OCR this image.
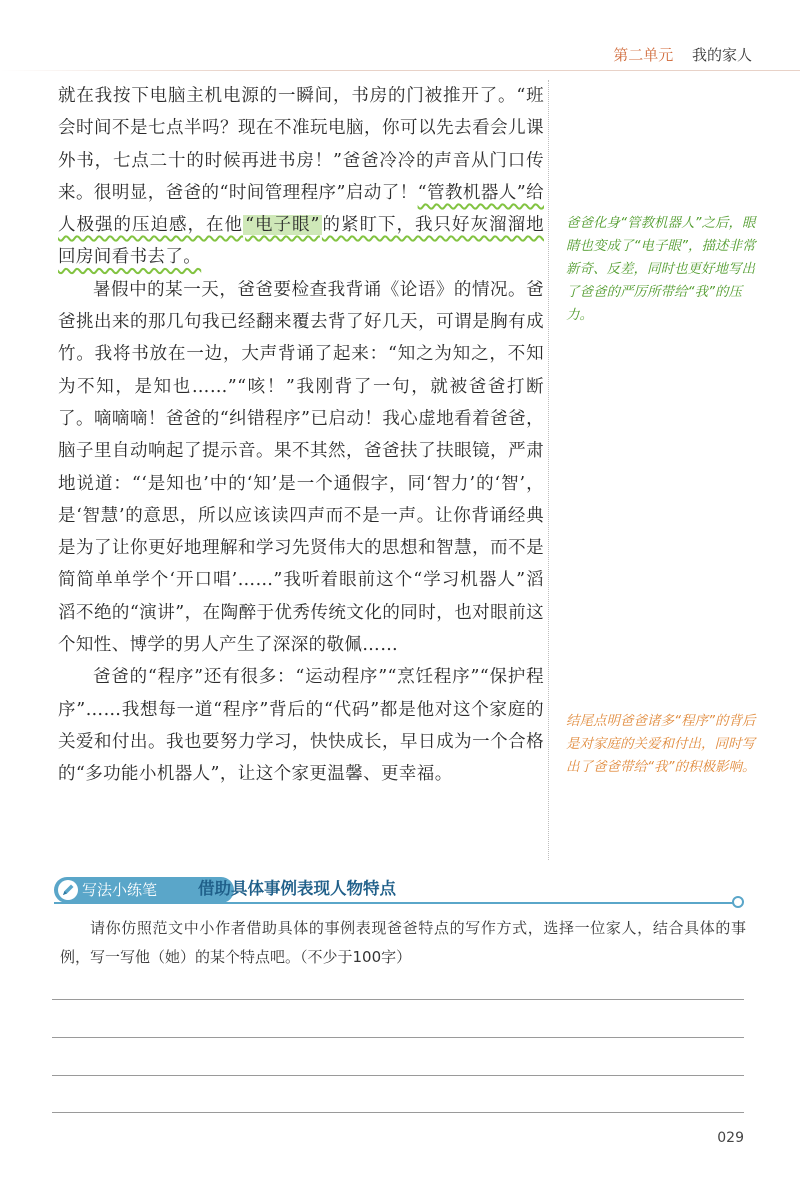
第二单元 我的家人

就在我按下电脑主机电源的一瞬间，书房的门被推开了。“班会时间不是七点半吗？现在不准玩电脑，你可以先去看会儿课外书，七点二十的时候再进书房！”爸爸冷冷的声音从门口传来。很明显，爸爸的“时间管理程序”启动了！“管教机器人”给人极强的压迫感，在他 “电子眼” 的紧盯下，我只好灰溜溜地回房间看书去了。

暑假中的某一天，爸爸要检查我背诵《论语》的情况。爸爸挑出来的那几句我已经翻来覆去背了好几天，可谓是胸有成竹。我将书放在一边，大声背诵了起来：“知之为知之，不知为不知，是知也……”“咳！”我刚背了一句，就被爸爸打断了。嘀嘀嘀！爸爸的“纠错程序”已启动！我心虚地看着爸爸，脑子里自动响起了提示音。果不其然，爸爸扶了扶眼镜，严肃地说道：“‘是知也’中的‘知’是一个通假字，同‘智力’的‘智’，是‘智慧’的意思，所以应该读四声而不是一声。让你背诵经典是为了让你更好地理解和学习先贤伟大的思想和智慧，而不是简简单单学个‘开口唱’……”我听着眼前这个“学习机器人”滔滔不绝的“演讲”，在陶醉于优秀传统文化的同时，也对眼前这个知性、博学的男人产生了深深的敬佩……

爸爸的“程序”还有很多：“运动程序”“烹饪程序”“保护程序”……我想每一道“程序”背后的“代码”都是他对这个家庭的关爱和付出。我也要努力学习，快快成长，早日成为一个合格的“多功能小机器人”，让这个家更温馨、更幸福。

爸爸化身“管教机器人”之后，眼睛也变成了“电子眼”，描述非常新奇、反差，同时也更好地写出了爸爸的严厉所带给“我”的压力。
结尾点明爸爸诸多“程序”的背后是对家庭的关爱和付出，同时写出了爸爸带给“我”的积极影响。
写法小练笔	借助具体事例表现人物特点

请你仿照范文中小作者借助具体的事例表现爸爸特点的写作方式，选择一位家人，结合具体的事例，写一写他（她）的某个特点吧。（不少于100字）

029
